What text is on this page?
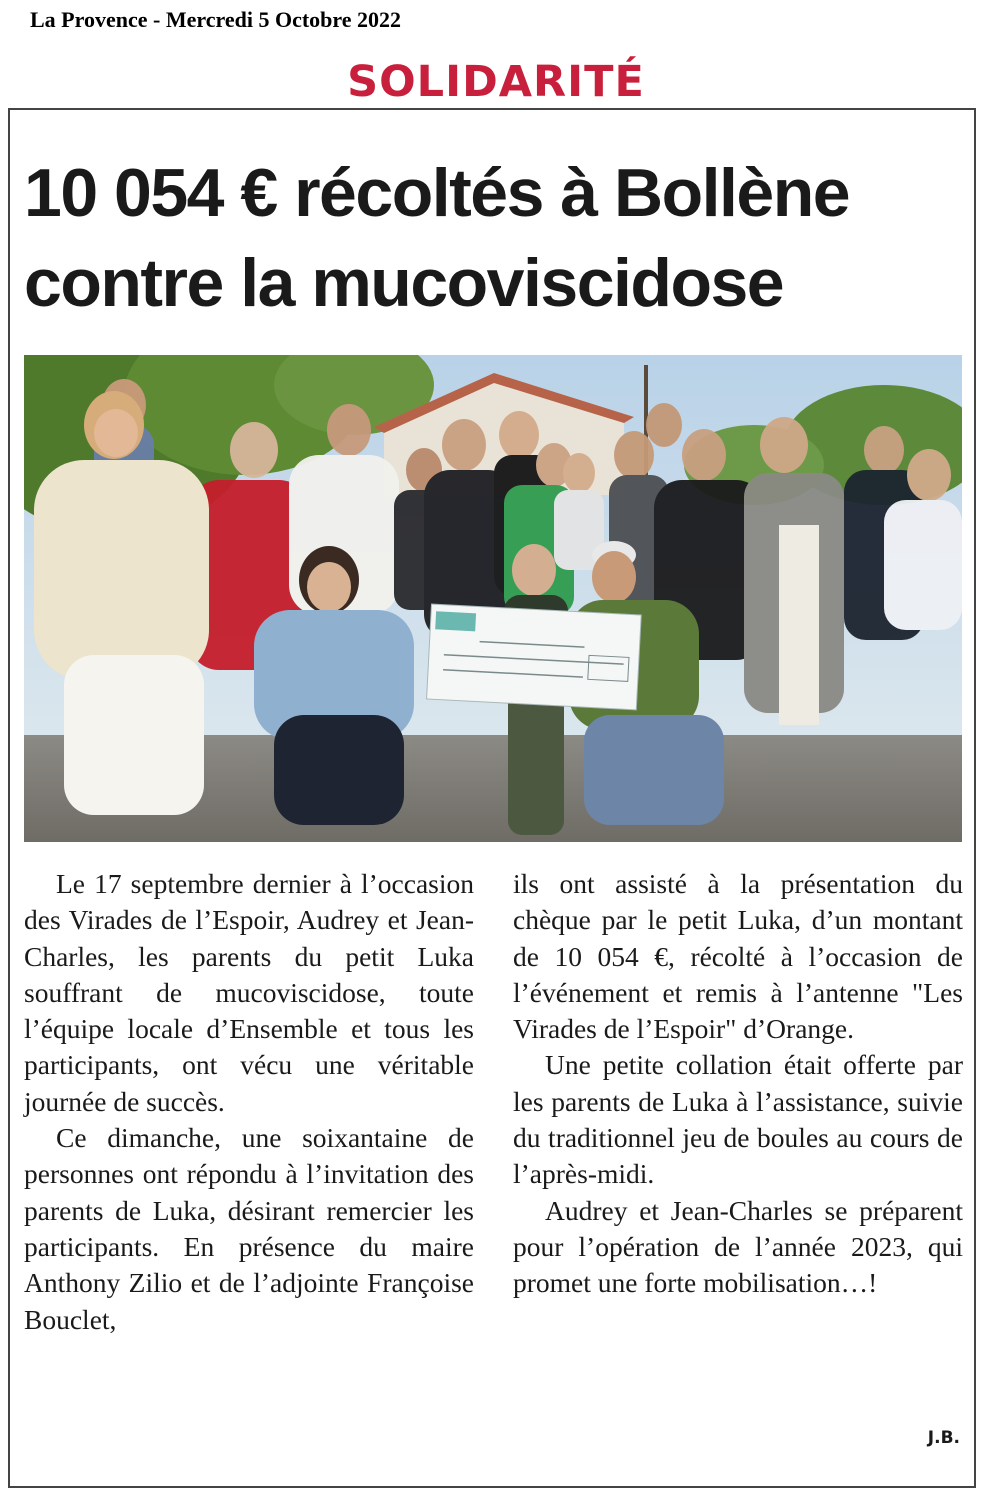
La Provence - Mercredi 5 Octobre 2022
SOLIDARITÉ
10 054 € récoltés à Bollène
contre la mucoviscidose

Le 17 septembre dernier à l’occasion des Virades de l’Espoir, Audrey et Jean-Charles, les parents du petit Luka souffrant de mucoviscidose, toute l’équipe locale d’Ensemble et tous les participants, ont vécu une véritable journée de succès.

Ce dimanche, une soixantaine de personnes ont répondu à l’invitation des parents de Luka, désirant remercier les participants. En présence du maire Anthony Zilio et de l’adjointe Françoise Bouclet,

ils ont assisté à la présentation du chèque par le petit Luka, d’un montant de 10 054 €, récolté à l’occasion de l’événement et remis à l’antenne "Les Virades de l’Espoir" d’Orange.

Une petite collation était offerte par les parents de Luka à l’assistance, suivie du traditionnel jeu de boules au cours de l’après-midi.

Audrey et Jean-Charles se préparent pour l’opération de l’année 2023, qui promet une forte mobilisation…!

J.B.
